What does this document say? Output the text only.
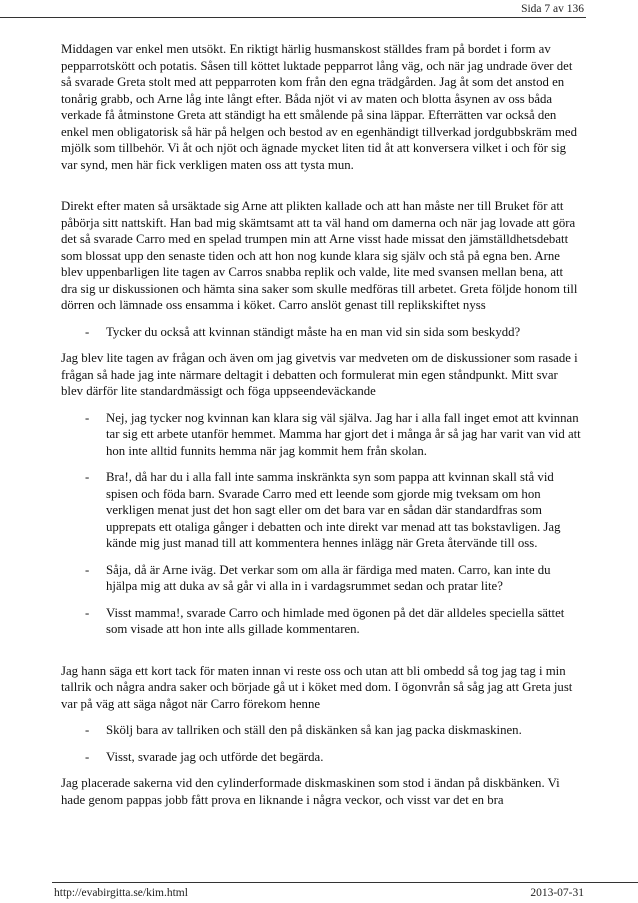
Sida 7 av 136

Middagen var enkel men utsökt. En riktigt härlig husmanskost ställdes fram på bordet i form av pepparrotskött och potatis. Såsen till köttet luktade pepparrot lång väg, och när jag undrade över det så svarade Greta stolt med att pepparroten kom från den egna trädgården. Jag åt som det anstod en tonårig grabb, och Arne låg inte långt efter. Båda njöt vi av maten och blotta åsynen av oss båda verkade få åtminstone Greta att ständigt ha ett smålende på sina läppar. Efterrätten var också den enkel men obligatorisk så här på helgen och bestod av en egenhändigt tillverkad jordgubbskräm med mjölk som tillbehör. Vi åt och njöt och ägnade mycket liten tid åt att konversera vilket i och för sig var synd, men här fick verkligen maten oss att tysta mun.

Direkt efter maten så ursäktade sig Arne att plikten kallade och att han måste ner till Bruket för att påbörja sitt nattskift. Han bad mig skämtsamt att ta väl hand om damerna och när jag lovade att göra det så svarade Carro med en spelad trumpen min att Arne visst hade missat den jämställdhetsdebatt som blossat upp den senaste tiden och att hon nog kunde klara sig själv och stå på egna ben. Arne blev uppenbarligen lite tagen av Carros snabba replik och valde, lite med svansen mellan bena, att dra sig ur diskussionen och hämta sina saker som skulle medföras till arbetet. Greta följde honom till dörren och lämnade oss ensamma i köket. Carro anslöt genast till replikskiftet nyss

- Tycker du också att kvinnan ständigt måste ha en man vid sin sida som beskydd?

Jag blev lite tagen av frågan och även om jag givetvis var medveten om de diskussioner som rasade i frågan så hade jag inte närmare deltagit i debatten och formulerat min egen ståndpunkt. Mitt svar blev därför lite standardmässigt och föga uppseendeväckande

- Nej, jag tycker nog kvinnan kan klara sig väl själva. Jag har i alla fall inget emot att kvinnan tar sig ett arbete utanför hemmet. Mamma har gjort det i många år så jag har varit van vid att hon inte alltid funnits hemma när jag kommit hem från skolan.
- Bra!, då har du i alla fall inte samma inskränkta syn som pappa att kvinnan skall stå vid spisen och föda barn. Svarade Carro med ett leende som gjorde mig tveksam om hon verkligen menat just det hon sagt eller om det bara var en sådan där standardfras som upprepats ett otaliga gånger i debatten och inte direkt var menad att tas bokstavligen. Jag kände mig just manad till att kommentera hennes inlägg när Greta återvände till oss.
- Såja, då är Arne iväg. Det verkar som om alla är färdiga med maten. Carro, kan inte du hjälpa mig att duka av så går vi alla in i vardagsrummet sedan och pratar lite?
- Visst mamma!, svarade Carro och himlade med ögonen på det där alldeles speciella sättet som visade att hon inte alls gillade kommentaren.

Jag hann säga ett kort tack för maten innan vi reste oss och utan att bli ombedd så tog jag tag i min tallrik och några andra saker och började gå ut i köket med dom. I ögonvrån så såg jag att Greta just var på väg att säga något när Carro förekom henne

- Skölj bara av tallriken och ställ den på diskänken så kan jag packa diskmaskinen.
- Visst, svarade jag och utförde det begärda.

Jag placerade sakerna vid den cylinderformade diskmaskinen som stod i ändan på diskbänken. Vi hade genom pappas jobb fått prova en liknande i några veckor, och visst var det en bra

http://evabirgitta.se/kim.html	2013-07-31
